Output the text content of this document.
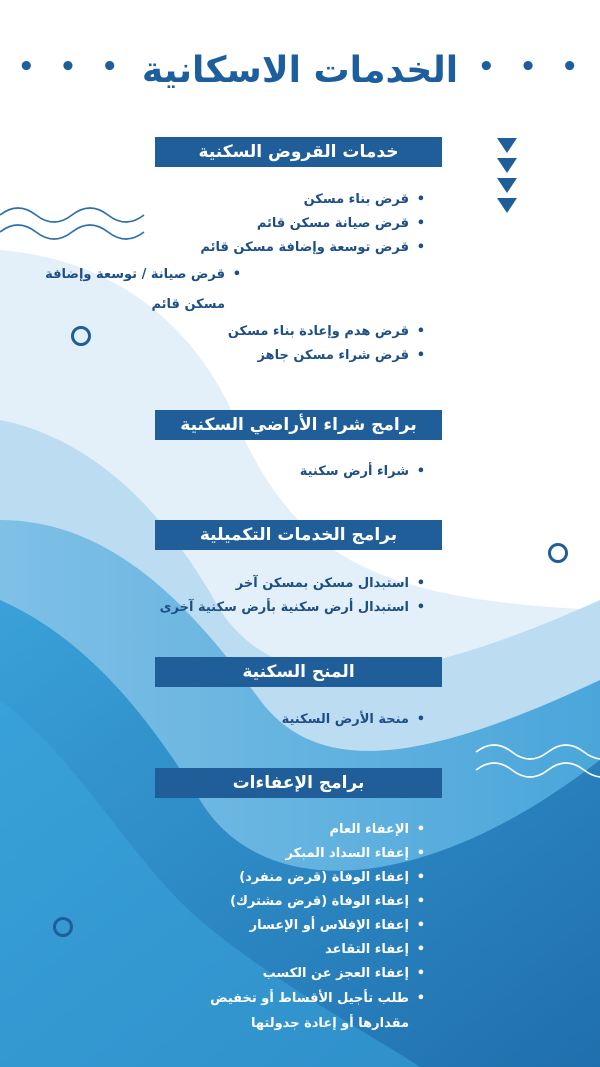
• • •	• • •
الخدمات الاسكانية
خدمات القروض السكنية
• قرض بناء مسكن
• قرض صيانة مسكن قائم
• قرض توسعة وإضافة مسكن قائم
• قرض صيانة / توسعة وإضافة مسكن قائم
• قرض هدم وإعادة بناء مسكن
• قرض شراء مسكن جاهز
برامج شراء الأراضي السكنية
• شراء أرض سكنية
برامج الخدمات التكميلية
• استبدال مسكن بمسكن آخر
• استبدال أرض سكنية بأرض سكنية آخرى
المنح السكنية
• منحة الأرض السكنية
برامج الإعفاءات
• الإعفاء العام
• إعفاء السداد المبكر
• إعفاء الوفاة (قرض منفرد)
• إعفاء الوفاة (قرض مشترك)
• إعفاء الإفلاس أو الإعسار
• إعفاء التقاعد
• إعفاء العجز عن الكسب
• طلب تأجيل الأقساط أو تخفيض مقدارها أو إعادة جدولتها
